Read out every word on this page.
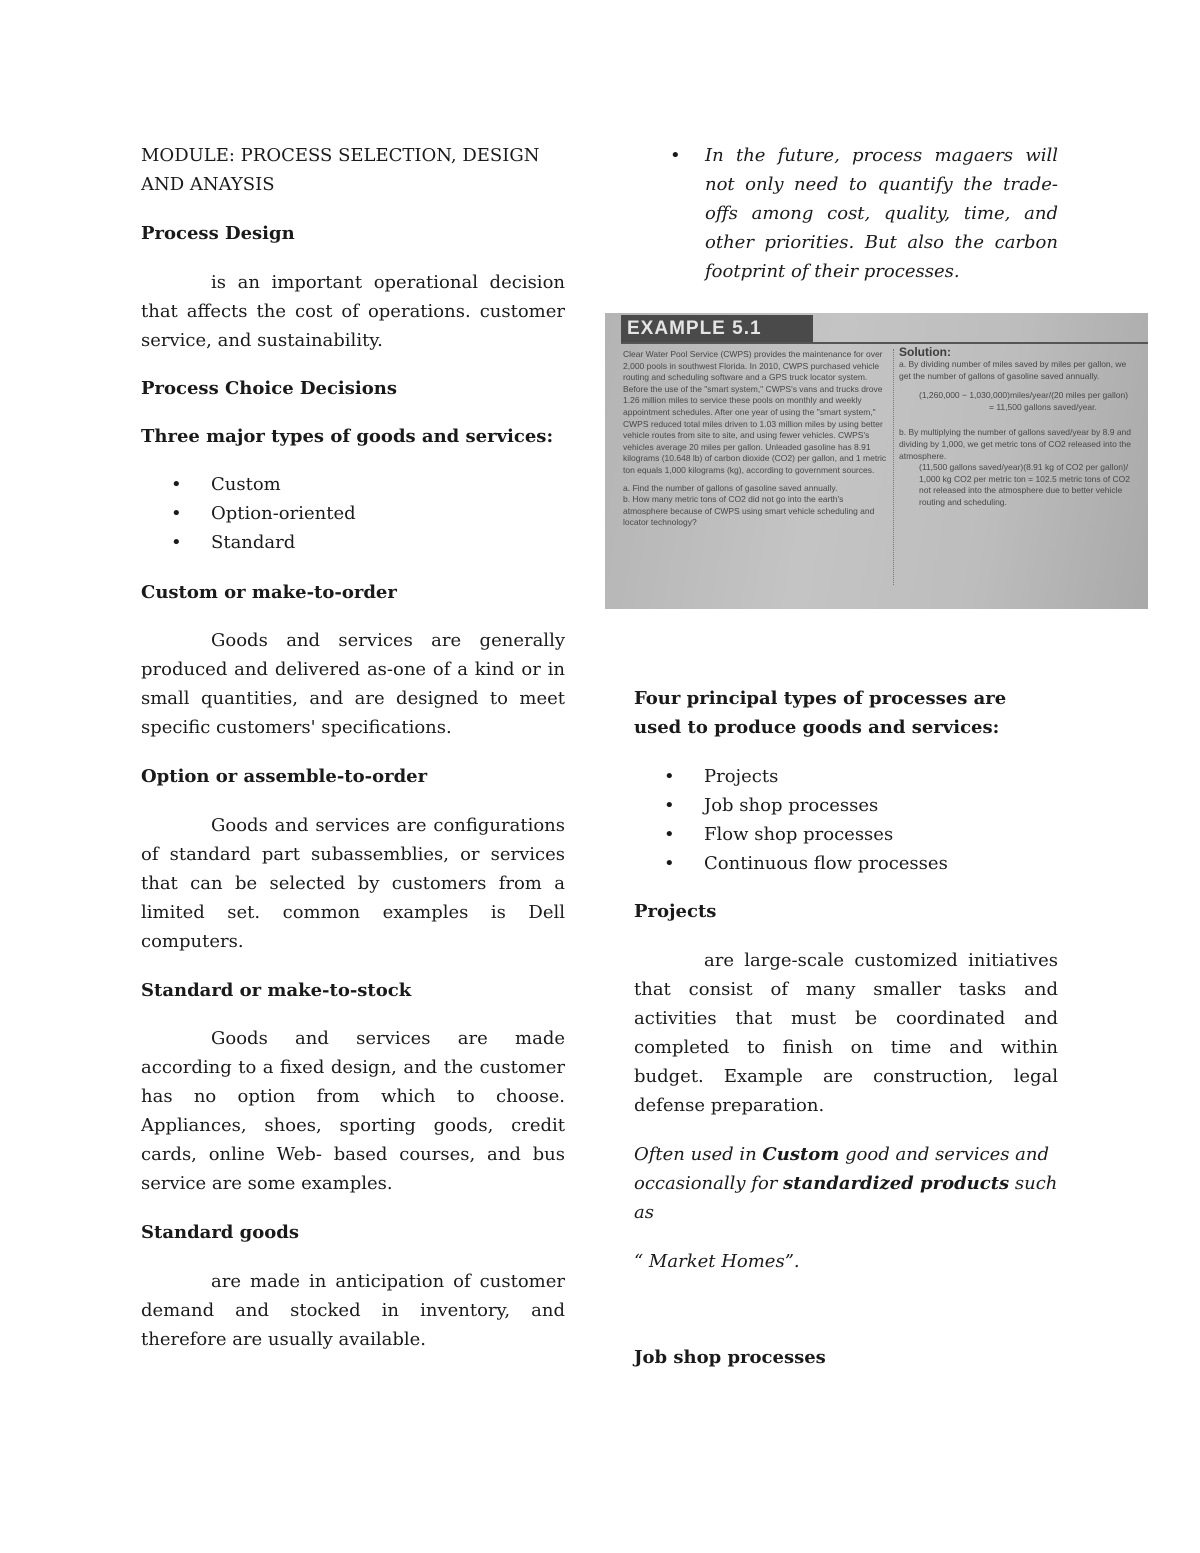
MODULE: PROCESS SELECTION, DESIGN AND ANAYSIS

Process Design

is an important operational decision that affects the cost of operations. customer service, and sustainability.

Process Choice Decisions

Three major types of goods and services:

• Custom
• Option-oriented
• Standard

Custom or make-to-order

Goods and services are generally produced and delivered as-one of a kind or in small quantities, and are designed to meet specific customers' specifications.

Option or assemble-to-order

Goods and services are configurations of standard part subassemblies, or services that can be selected by customers from a limited set. common examples is Dell computers.

Standard or make-to-stock

Goods and services are made according to a fixed design, and the customer has no option from which to choose. Appliances, shoes, sporting goods, credit cards, online Web- based courses, and bus service are some examples.

Standard goods

are made in anticipation of customer demand and stocked in inventory, and therefore are usually available.

• In the future, process magaers will not only need to quantify the trade-offs among cost, quality, time, and other priorities. But also the carbon footprint of their processes.

Four principal types of processes are used to produce goods and services:

• Projects
• Job shop processes
• Flow shop processes
• Continuous flow processes

Projects

are large-scale customized initiatives that consist of many smaller tasks and activities that must be coordinated and completed to finish on time and within budget. Example are construction, legal defense preparation.

Often used in Custom good and services and occasionally for standardized products such as

“ Market Homes”.

Job shop processes

EXAMPLE 5.1

Clear Water Pool Service (CWPS) provides the maintenance for over 2,000 pools in southwest Florida. In 2010, CWPS purchased vehicle routing and scheduling software and a GPS truck locator system. Before the use of the "smart system," CWPS's vans and trucks drove 1.26 million miles to service these pools on monthly and weekly appointment schedules. After one year of using the "smart system," CWPS reduced total miles driven to 1.03 million miles by using better vehicle routes from site to site, and using fewer vehicles. CWPS's vehicles average 20 miles per gallon. Unleaded gasoline has 8.91 kilograms (10.648 lb) of carbon dioxide (CO2) per gallon, and 1 metric ton equals 1,000 kilograms (kg), according to government sources.

a. Find the number of gallons of gasoline saved annually.

b. How many metric tons of CO2 did not go into the earth's atmosphere because of CWPS using smart vehicle scheduling and locator technology?

Solution:

a. By dividing number of miles saved by miles per gallon, we get the number of gallons of gasoline saved annually.

(1,260,000 − 1,030,000)miles/year/(20 miles per gallon)

= 11,500 gallons saved/year.

b. By multiplying the number of gallons saved/year by 8.9 and dividing by 1,000, we get metric tons of CO2 released into the atmosphere.

(11,500 gallons saved/year)(8.91 kg of CO2 per gallon)/ 1,000 kg CO2 per metric ton = 102.5 metric tons of CO2 not released into the atmosphere due to better vehicle routing and scheduling.
